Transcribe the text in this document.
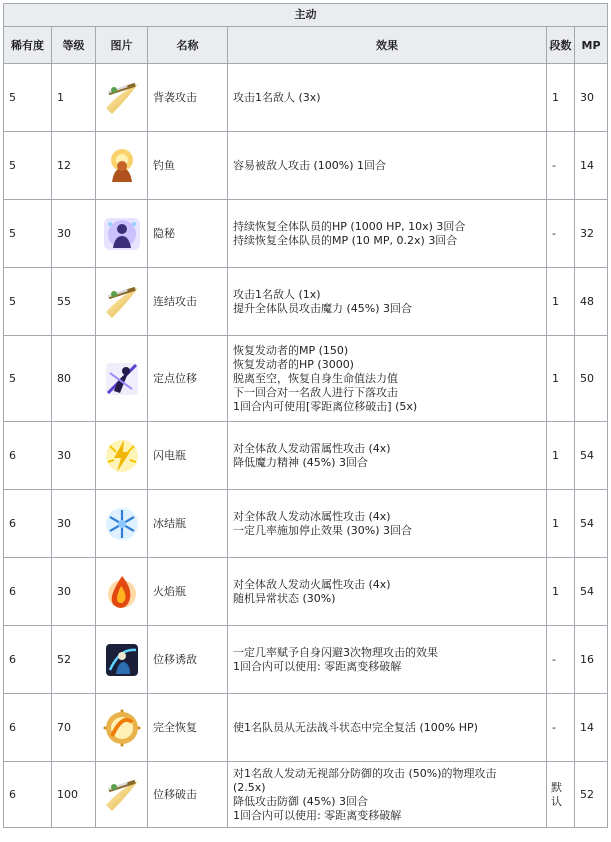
主动						
稀有度	等级	图片	名称	效果	段数	MP
5	1		背袭攻击	攻击1名敌人 (3x)	1	30
5	12		钓鱼	容易被敌人攻击 (100%) 1回合	-	14
5	30		隐秘	持续恢复全体队员的HP (1000 HP, 10x) 3回合
持续恢复全体队员的MP (10 MP, 0.2x) 3回合	-	32
5	55		连结攻击	攻击1名敌人 (1x)
提升全体队员攻击魔力 (45%) 3回合	1	48
5	80		定点位移	恢复发动者的MP (150)
恢复发动者的HP (3000)
脱离至空，恢复自身生命值法力值
下一回合对一名敌人进行下落攻击
1回合内可使用[零距离位移破击] (5x)	1	50
6	30		闪电瓶	对全体敌人发动雷属性攻击 (4x)
降低魔力精神 (45%) 3回合	1	54
6	30		冰结瓶	对全体敌人发动冰属性攻击 (4x)
一定几率施加停止效果 (30%) 3回合	1	54
6	30		火焰瓶	对全体敌人发动火属性攻击 (4x)
随机异常状态 (30%)	1	54
6	52		位移诱敌	一定几率赋予自身闪避3次物理攻击的效果
1回合内可以使用: 零距离变移破解	-	16
6	70		完全恢复	使1名队员从无法战斗状态中完全复活 (100% HP)	-	14
6	100		位移破击	对1名敌人发动无视部分防御的攻击 (50%)的物理攻击
(2.5x)
降低攻击防御 (45%) 3回合
1回合内可以使用: 零距离变移破解	默认	52
